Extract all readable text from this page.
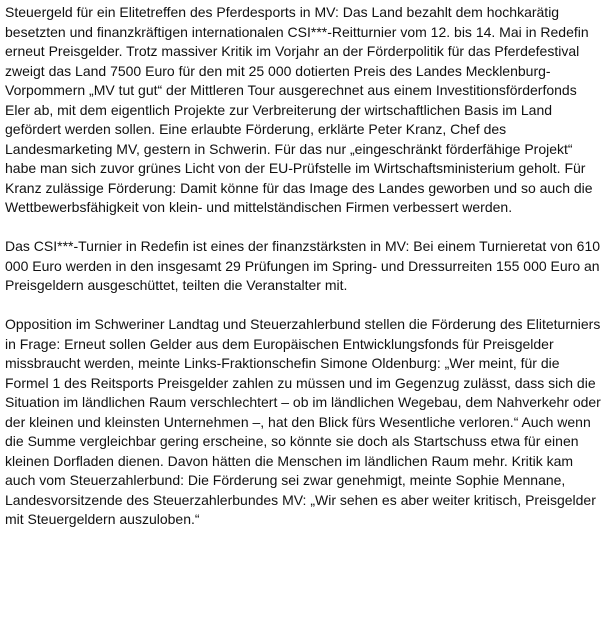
Steuergeld für ein Elitetreffen des Pferdesports in MV: Das Land bezahlt dem hochkarätig besetzten und finanzkräftigen internationalen CSI***-Reitturnier vom 12. bis 14. Mai in Redefin erneut Preisgelder. Trotz massiver Kritik im Vorjahr an der Förderpolitik für das Pferdefestival zweigt das Land 7500 Euro für den mit 25 000 dotierten Preis des Landes Mecklenburg-Vorpommern „MV tut gut“ der Mittleren Tour ausgerechnet aus einem Investitionsförderfonds Eler ab, mit dem eigentlich Projekte zur Verbreiterung der wirtschaftlichen Basis im Land gefördert werden sollen. Eine erlaubte Förderung, erklärte Peter Kranz, Chef des Landesmarketing MV, gestern in Schwerin. Für das nur „eingeschränkt förderfähige Projekt“ habe man sich zuvor grünes Licht von der EU-Prüfstelle im Wirtschaftsministerium geholt. Für Kranz zulässige Förderung: Damit könne für das Image des Landes geworben und so auch die Wettbewerbsfähigkeit von klein- und mittelständischen Firmen verbessert werden.

Das CSI***-Turnier in Redefin ist eines der finanzstärksten in MV: Bei einem Turnieretat von 610 000 Euro werden in den insgesamt 29 Prüfungen im Spring- und Dressurreiten 155 000 Euro an Preisgeldern ausgeschüttet, teilten die Veranstalter mit.

Opposition im Schweriner Landtag und Steuerzahlerbund stellen die Förderung des Eliteturniers in Frage: Erneut sollen Gelder aus dem Europäischen Entwicklungsfonds für Preisgelder missbraucht werden, meinte Links-Fraktionschefin Simone Oldenburg: „Wer meint, für die Formel 1 des Reitsports Preisgelder zahlen zu müssen und im Gegenzug zulässt, dass sich die Situation im ländlichen Raum verschlechtert – ob im ländlichen Wegebau, dem Nahverkehr oder der kleinen und kleinsten Unternehmen –, hat den Blick fürs Wesentliche verloren.“ Auch wenn die Summe vergleichbar gering erscheine, so könnte sie doch als Startschuss etwa für einen kleinen Dorfladen dienen. Davon hätten die Menschen im ländlichen Raum mehr. Kritik kam auch vom Steuerzahlerbund: Die Förderung sei zwar genehmigt, meinte Sophie Mennane, Landesvorsitzende des Steuerzahlerbundes MV: „Wir sehen es aber weiter kritisch, Preisgelder mit Steuergeldern auszuloben.“
